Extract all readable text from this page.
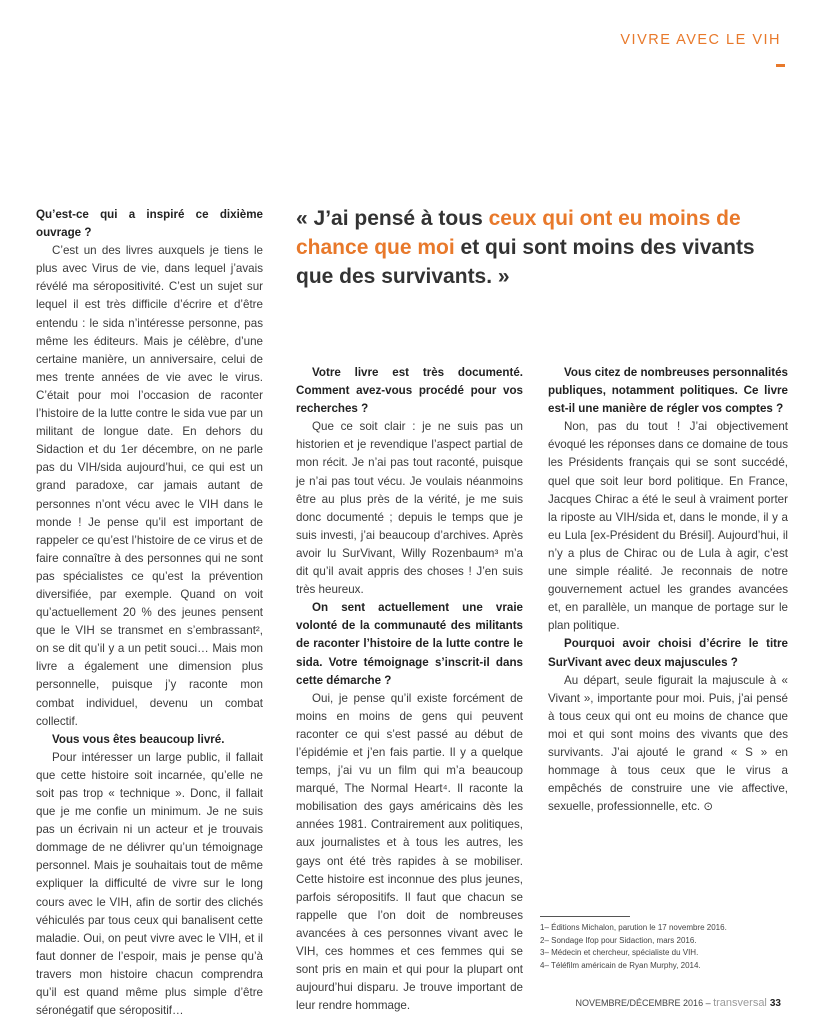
VIVRE AVEC LE VIH
« J’ai pensé à tous ceux qui ont eu moins de chance que moi et qui sont moins des vivants que des survivants. »

Qu’est-ce qui a inspiré ce dixième ouvrage ?

C’est un des livres auxquels je tiens le plus avec Virus de vie, dans lequel j’avais révélé ma séropositivité. C’est un sujet sur lequel il est très difficile d’écrire et d’être entendu : le sida n’intéresse personne, pas même les éditeurs. Mais je célèbre, d’une certaine manière, un anniversaire, celui de mes trente années de vie avec le virus. C’était pour moi l’occasion de raconter l’histoire de la lutte contre le sida vue par un militant de longue date. En dehors du Sidaction et du 1er décembre, on ne parle pas du VIH/sida aujourd’hui, ce qui est un grand paradoxe, car jamais autant de personnes n’ont vécu avec le VIH dans le monde ! Je pense qu’il est important de rappeler ce qu’est l’histoire de ce virus et de faire connaître à des personnes qui ne sont pas spécialistes ce qu’est la prévention diversifiée, par exemple. Quand on voit qu’actuellement 20 % des jeunes pensent que le VIH se transmet en s’embrassant², on se dit qu’il y a un petit souci… Mais mon livre a également une dimension plus personnelle, puisque j’y raconte mon combat individuel, devenu un combat collectif.

Vous vous êtes beaucoup livré.

Pour intéresser un large public, il fallait que cette histoire soit incarnée, qu’elle ne soit pas trop « technique ». Donc, il fallait que je me confie un minimum. Je ne suis pas un écrivain ni un acteur et je trouvais dommage de ne délivrer qu’un témoignage personnel. Mais je souhaitais tout de même expliquer la difficulté de vivre sur le long cours avec le VIH, afin de sortir des clichés véhiculés par tous ceux qui banalisent cette maladie. Oui, on peut vivre avec le VIH, et il faut donner de l’espoir, mais je pense qu’à travers mon histoire chacun comprendra qu’il est quand même plus simple d’être séronégatif que séropositif…

Votre livre est très documenté. Comment avez-vous procédé pour vos recherches ?

Que ce soit clair : je ne suis pas un historien et je revendique l’aspect partial de mon récit. Je n’ai pas tout raconté, puisque je n’ai pas tout vécu. Je voulais néanmoins être au plus près de la vérité, je me suis donc documenté ; depuis le temps que je suis investi, j’ai beaucoup d’archives. Après avoir lu SurVivant, Willy Rozenbaum³ m’a dit qu’il avait appris des choses ! J’en suis très heureux.

On sent actuellement une vraie volonté de la communauté des militants de raconter l’histoire de la lutte contre le sida. Votre témoignage s’inscrit-il dans cette démarche ?

Oui, je pense qu’il existe forcément de moins en moins de gens qui peuvent raconter ce qui s’est passé au début de l’épidémie et j’en fais partie. Il y a quelque temps, j’ai vu un film qui m’a beaucoup marqué, The Normal Heart⁴. Il raconte la mobilisation des gays américains dès les années 1981. Contrairement aux politiques, aux journalistes et à tous les autres, les gays ont été très rapides à se mobiliser. Cette histoire est inconnue des plus jeunes, parfois séropositifs. Il faut que chacun se rappelle que l’on doit de nombreuses avancées à ces personnes vivant avec le VIH, ces hommes et ces femmes qui se sont pris en main et qui pour la plupart ont aujourd’hui disparu. Je trouve important de leur rendre hommage.

Vous citez de nombreuses personnalités publiques, notamment politiques. Ce livre est-il une manière de régler vos comptes ?

Non, pas du tout ! J’ai objectivement évoqué les réponses dans ce domaine de tous les Présidents français qui se sont succédé, quel que soit leur bord politique. En France, Jacques Chirac a été le seul à vraiment porter la riposte au VIH/sida et, dans le monde, il y a eu Lula [ex-Président du Brésil]. Aujourd’hui, il n’y a plus de Chirac ou de Lula à agir, c’est une simple réalité. Je reconnais de notre gouvernement actuel les grandes avancées et, en parallèle, un manque de portage sur le plan politique.

Pourquoi avoir choisi d’écrire le titre SurVivant avec deux majuscules ?

Au départ, seule figurait la majuscule à « Vivant », importante pour moi. Puis, j’ai pensé à tous ceux qui ont eu moins de chance que moi et qui sont moins des vivants que des survivants. J’ai ajouté le grand « S » en hommage à tous ceux que le virus a empêchés de construire une vie affective, sexuelle, professionnelle, etc. ⊙

1– Éditions Michalon, parution le 17 novembre 2016.
2– Sondage Ifop pour Sidaction, mars 2016.
3– Médecin et chercheur, spécialiste du VIH.
4– Téléfilm américain de Ryan Murphy, 2014.
NOVEMBRE/DÉCEMBRE 2016 – transversal 33
